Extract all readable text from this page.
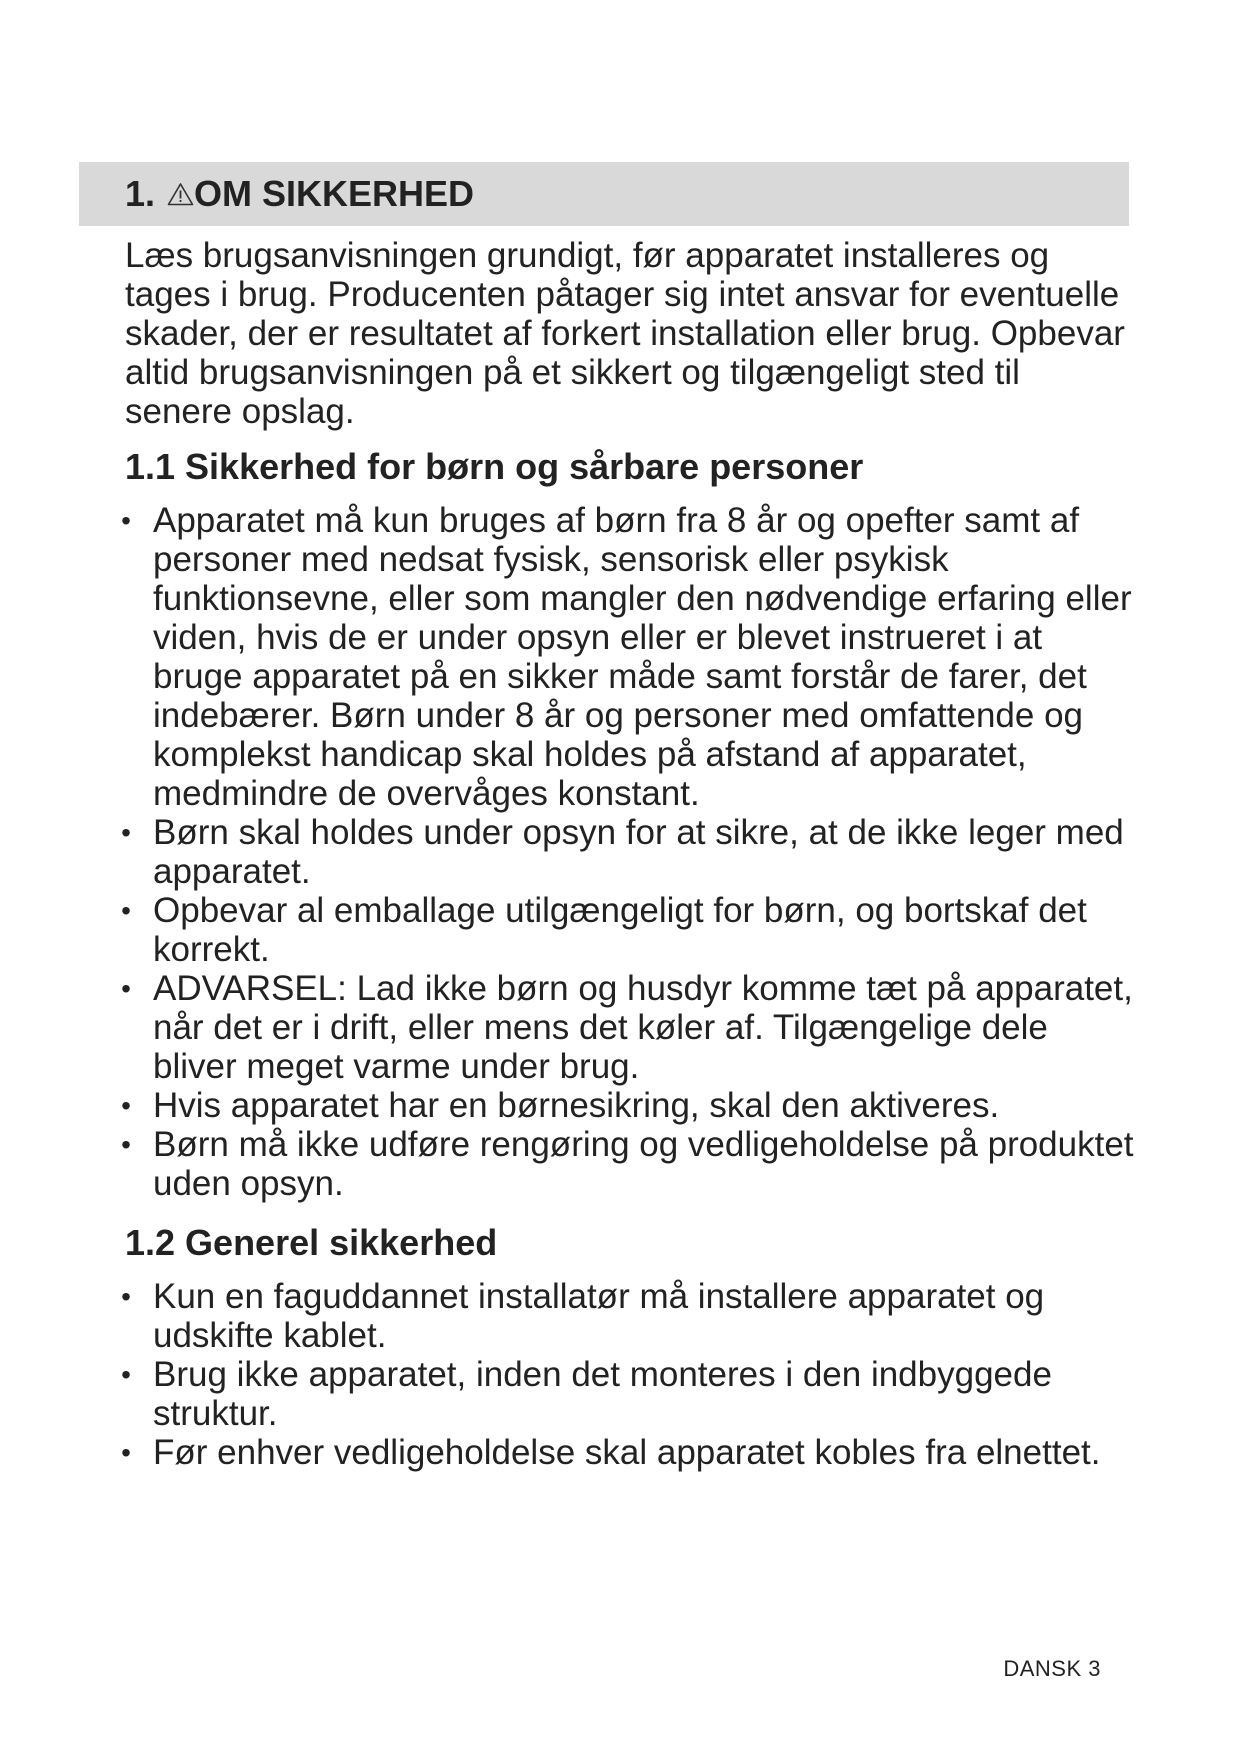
1. OM SIKKERHED

Læs brugsanvisningen grundigt, før apparatet installeres og tages i brug. Producenten påtager sig intet ansvar for eventuelle skader, der er resultatet af forkert installation eller brug. Opbevar altid brugsanvisningen på et sikkert og tilgængeligt sted til senere opslag.

1.1 Sikkerhed for børn og sårbare personer
• Apparatet må kun bruges af børn fra 8 år og opefter samt af personer med nedsat fysisk, sensorisk eller psykisk funktionsevne, eller som mangler den nødvendige erfaring eller viden, hvis de er under opsyn eller er blevet instrueret i at bruge apparatet på en sikker måde samt forstår de farer, det indebærer. Børn under 8 år og personer med omfattende og komplekst handicap skal holdes på afstand af apparatet, medmindre de overvåges konstant.
• Børn skal holdes under opsyn for at sikre, at de ikke leger med apparatet.
• Opbevar al emballage utilgængeligt for børn, og bortskaf det korrekt.
• ADVARSEL: Lad ikke børn og husdyr komme tæt på apparatet, når det er i drift, eller mens det køler af. Tilgængelige dele bliver meget varme under brug.
• Hvis apparatet har en børnesikring, skal den aktiveres.
• Børn må ikke udføre rengøring og vedligeholdelse på produktet uden opsyn.
1.2 Generel sikkerhed
• Kun en faguddannet installatør må installere apparatet og udskifte kablet.
• Brug ikke apparatet, inden det monteres i den indbyggede struktur.
• Før enhver vedligeholdelse skal apparatet kobles fra elnettet.
DANSK 3
